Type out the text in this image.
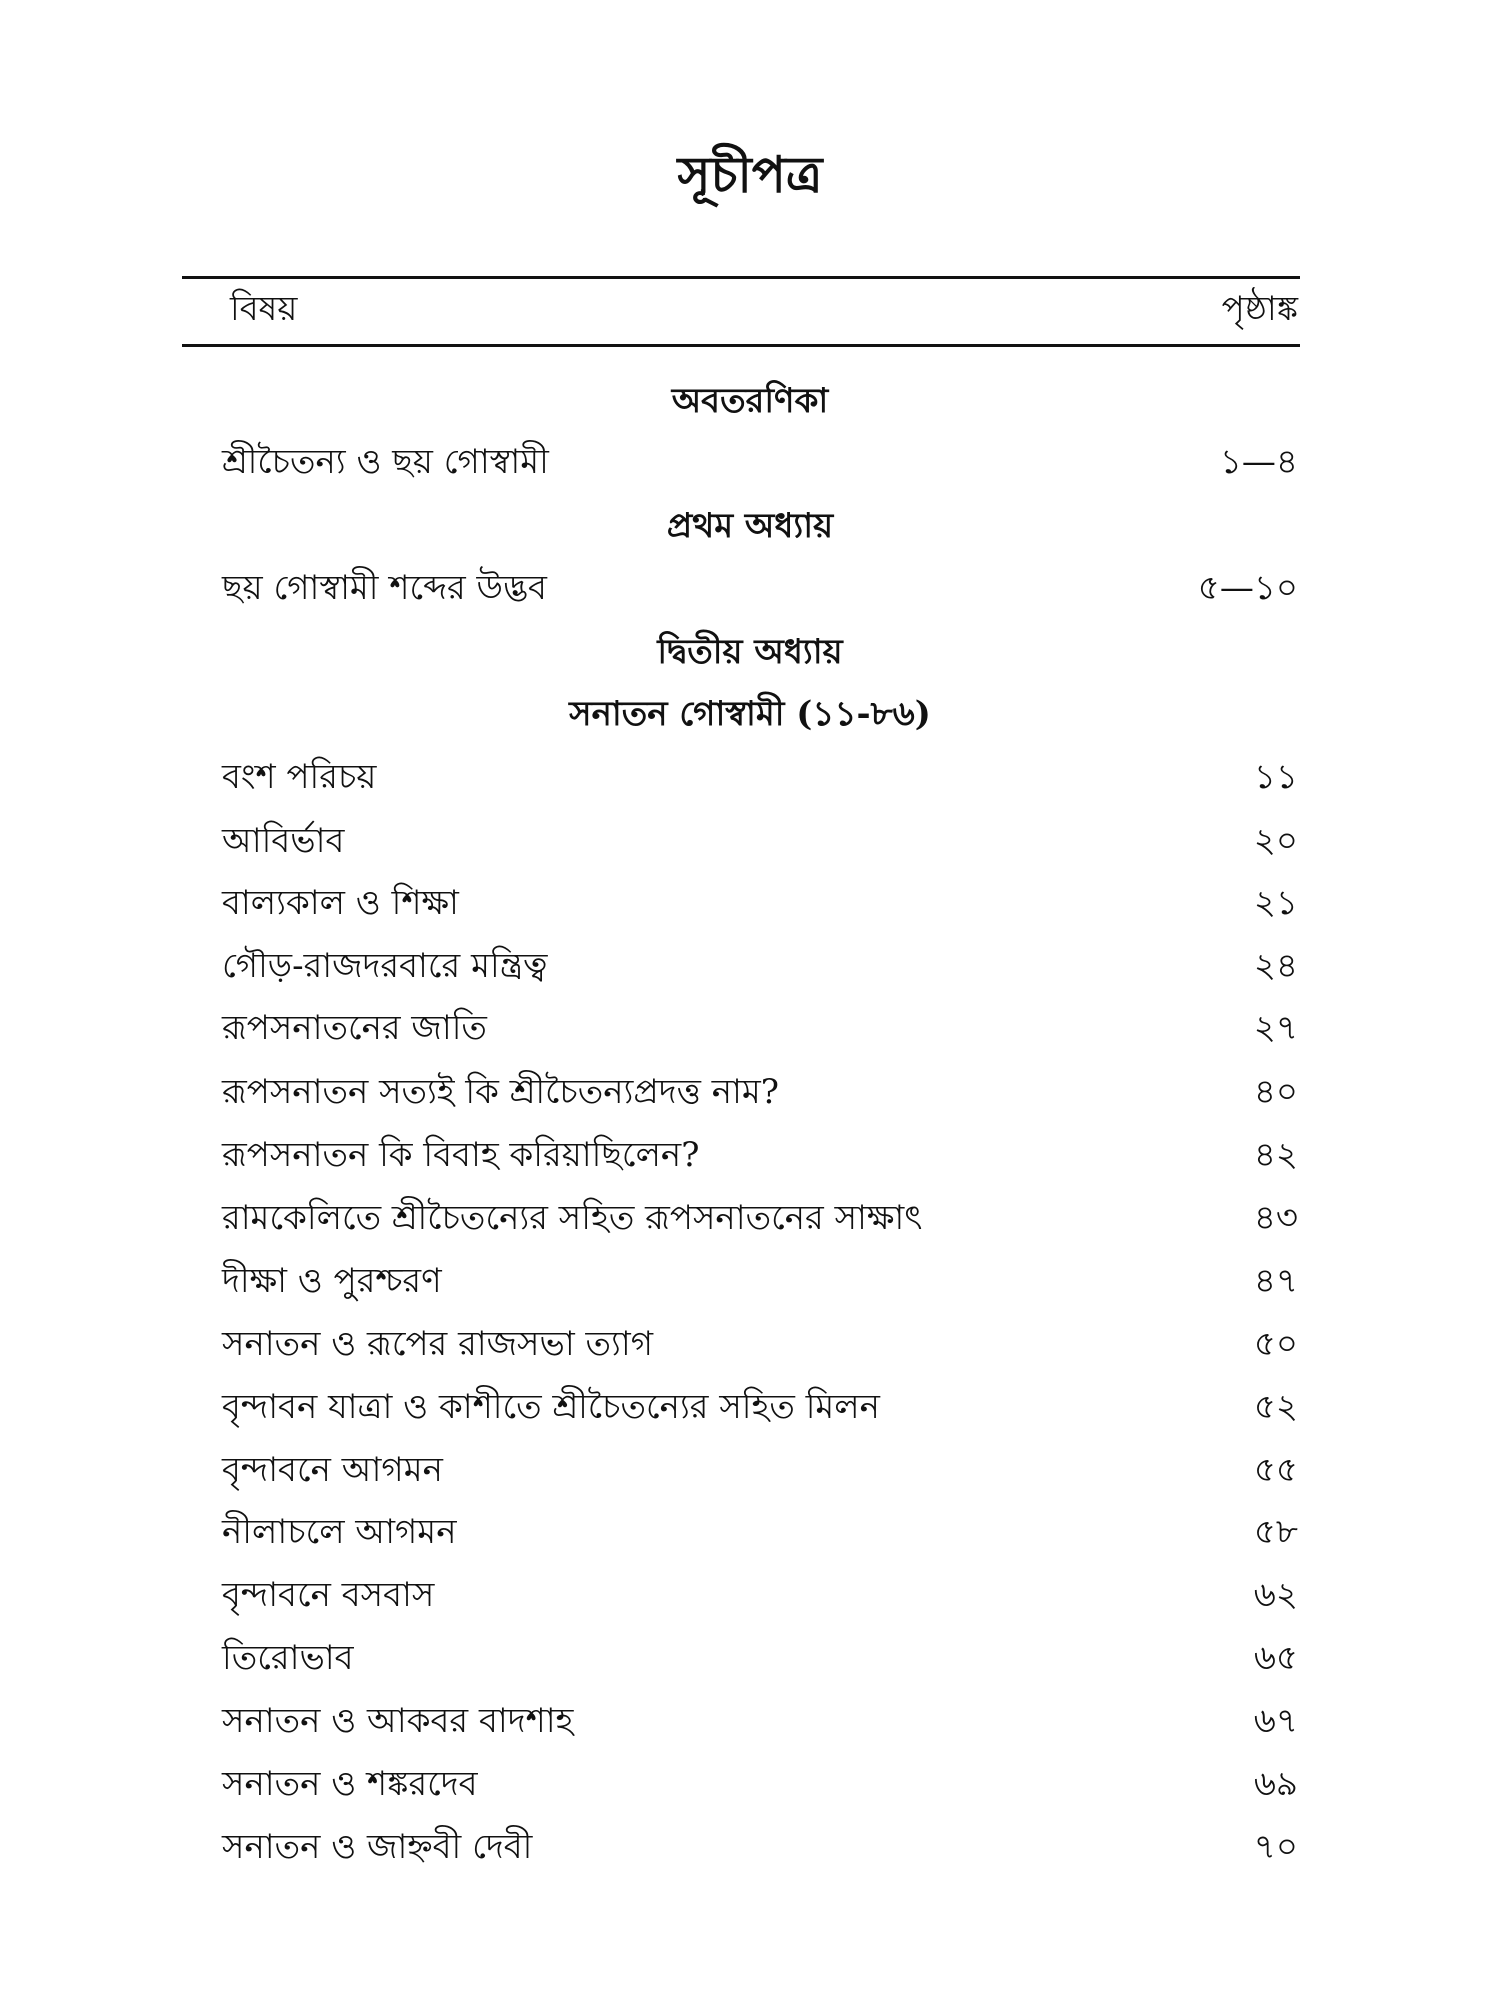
সূচীপত্র
বিষয়	পৃষ্ঠাঙ্ক
অবতরণিকা
শ্রীচৈতন্য ও ছয় গোস্বামী	১—৪
প্রথম অধ্যায়
ছয় গোস্বামী শব্দের উদ্ভব	৫—১০
দ্বিতীয় অধ্যায়
সনাতন গোস্বামী (১১-৮৬)
বংশ পরিচয়	১১
আবির্ভাব	২০
বাল্যকাল ও শিক্ষা	২১
গৌড়-রাজদরবারে মন্ত্রিত্ব	২৪
রূপসনাতনের জাতি	২৭
রূপসনাতন সত্যই কি শ্রীচৈতন্যপ্রদত্ত নাম?	৪০
রূপসনাতন কি বিবাহ করিয়াছিলেন?	৪২
রামকেলিতে শ্রীচৈতন্যের সহিত রূপসনাতনের সাক্ষাৎ	৪৩
দীক্ষা ও পুরশ্চরণ	৪৭
সনাতন ও রূপের রাজসভা ত্যাগ	৫০
বৃন্দাবন যাত্রা ও কাশীতে শ্রীচৈতন্যের সহিত মিলন	৫২
বৃন্দাবনে আগমন	৫৫
নীলাচলে আগমন	৫৮
বৃন্দাবনে বসবাস	৬২
তিরোভাব	৬৫
সনাতন ও আকবর বাদশাহ	৬৭
সনাতন ও শঙ্করদেব	৬৯
সনাতন ও জাহ্নবী দেবী	৭০
